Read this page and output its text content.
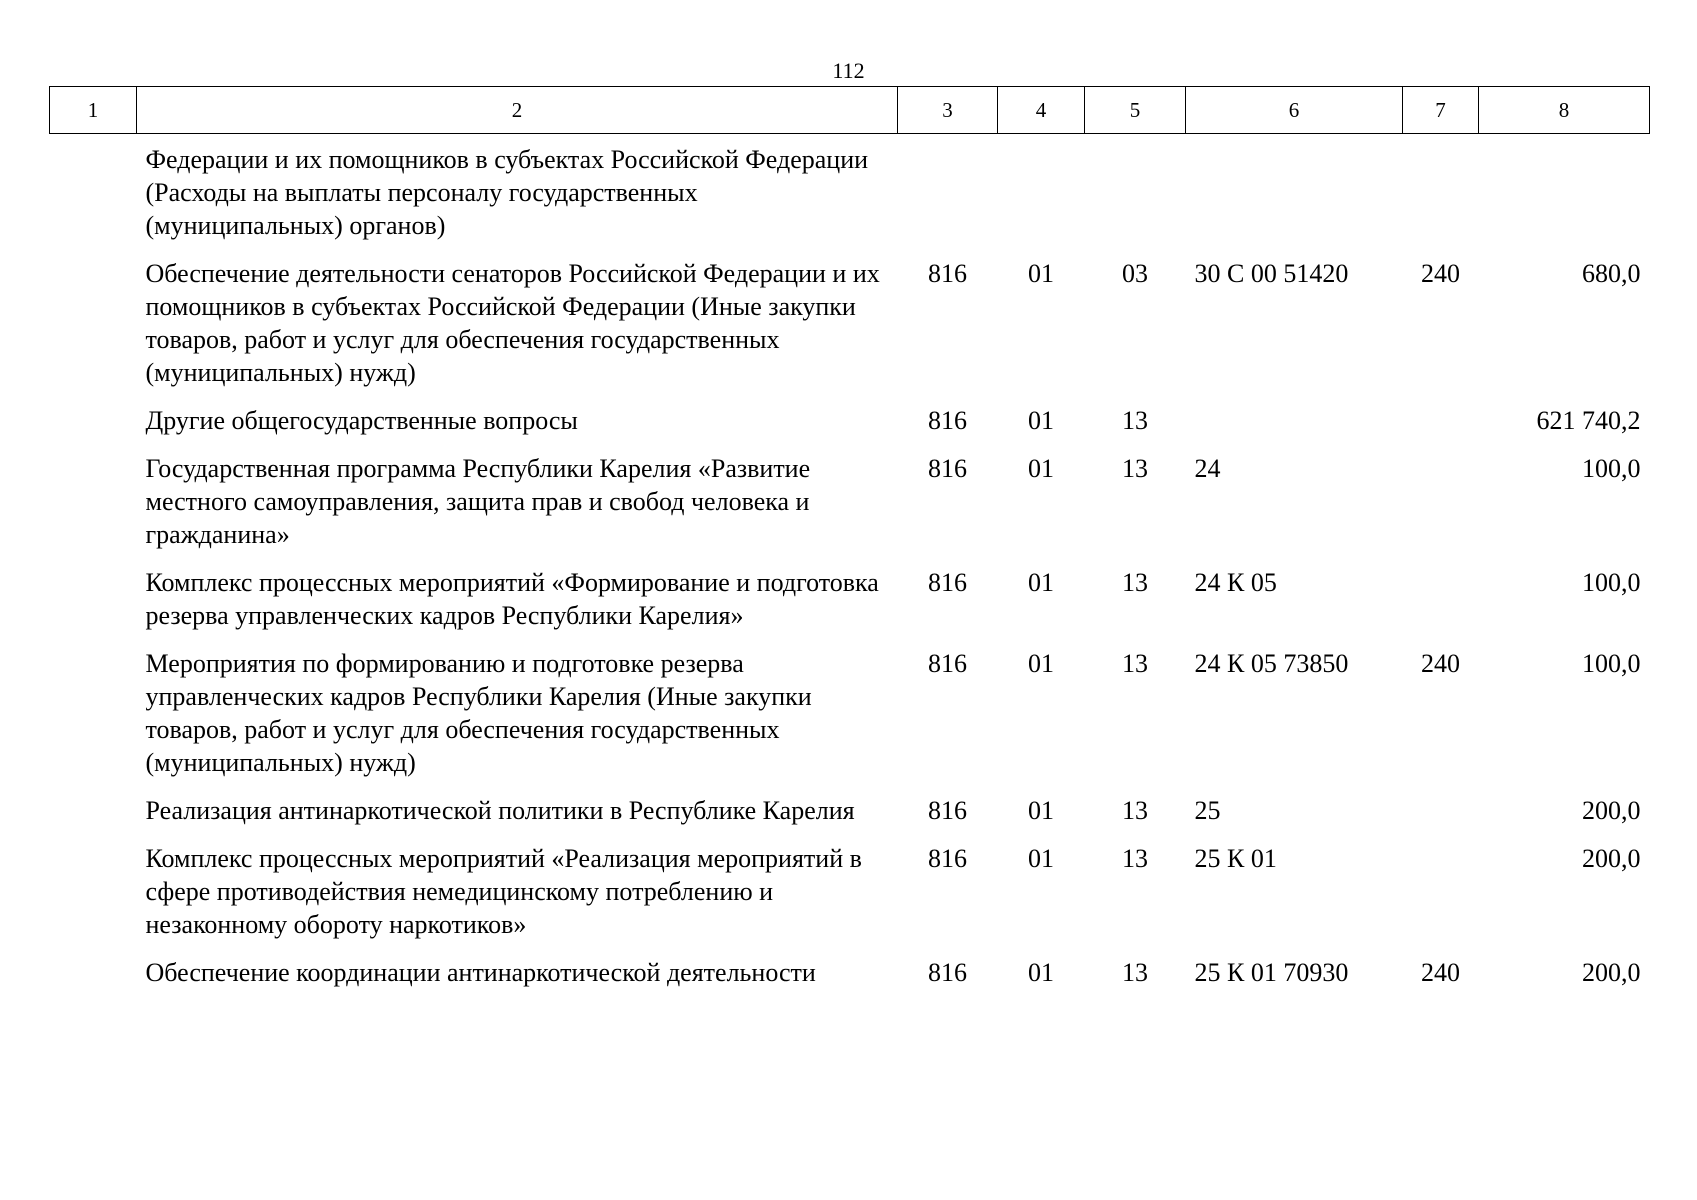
112
1	2	3	4	5	6	7	8
	Федерации и их помощников в субъектах Российской Федерации (Расходы на выплаты персоналу государственных (муниципальных) органов)						
	Обеспечение деятельности сенаторов Российской Федерации и их помощников в субъектах Российской Федерации (Иные закупки товаров, работ и услуг для обеспечения государственных (муниципальных) нужд)	816	01	03	30 С 00 51420	240	680,0
	Другие общегосударственные вопросы	816	01	13			621 740,2
	Государственная программа Республики Карелия «Развитие местного самоуправления, защита прав и свобод человека и гражданина»	816	01	13	24		100,0
	Комплекс процессных мероприятий «Формирование и подготовка резерва управленческих кадров Республики Карелия»	816	01	13	24 К 05		100,0
	Мероприятия по формированию и подготовке резерва управленческих кадров Республики Карелия (Иные закупки товаров, работ и услуг для обеспечения государственных (муниципальных) нужд)	816	01	13	24 К 05 73850	240	100,0
	Реализация антинаркотической политики в Республике Карелия	816	01	13	25		200,0
	Комплекс процессных мероприятий «Реализация мероприятий в сфере противодействия немедицинскому потреблению и незаконному обороту наркотиков»	816	01	13	25 К 01		200,0
	Обеспечение координации антинаркотической деятельности	816	01	13	25 К 01 70930	240	200,0
